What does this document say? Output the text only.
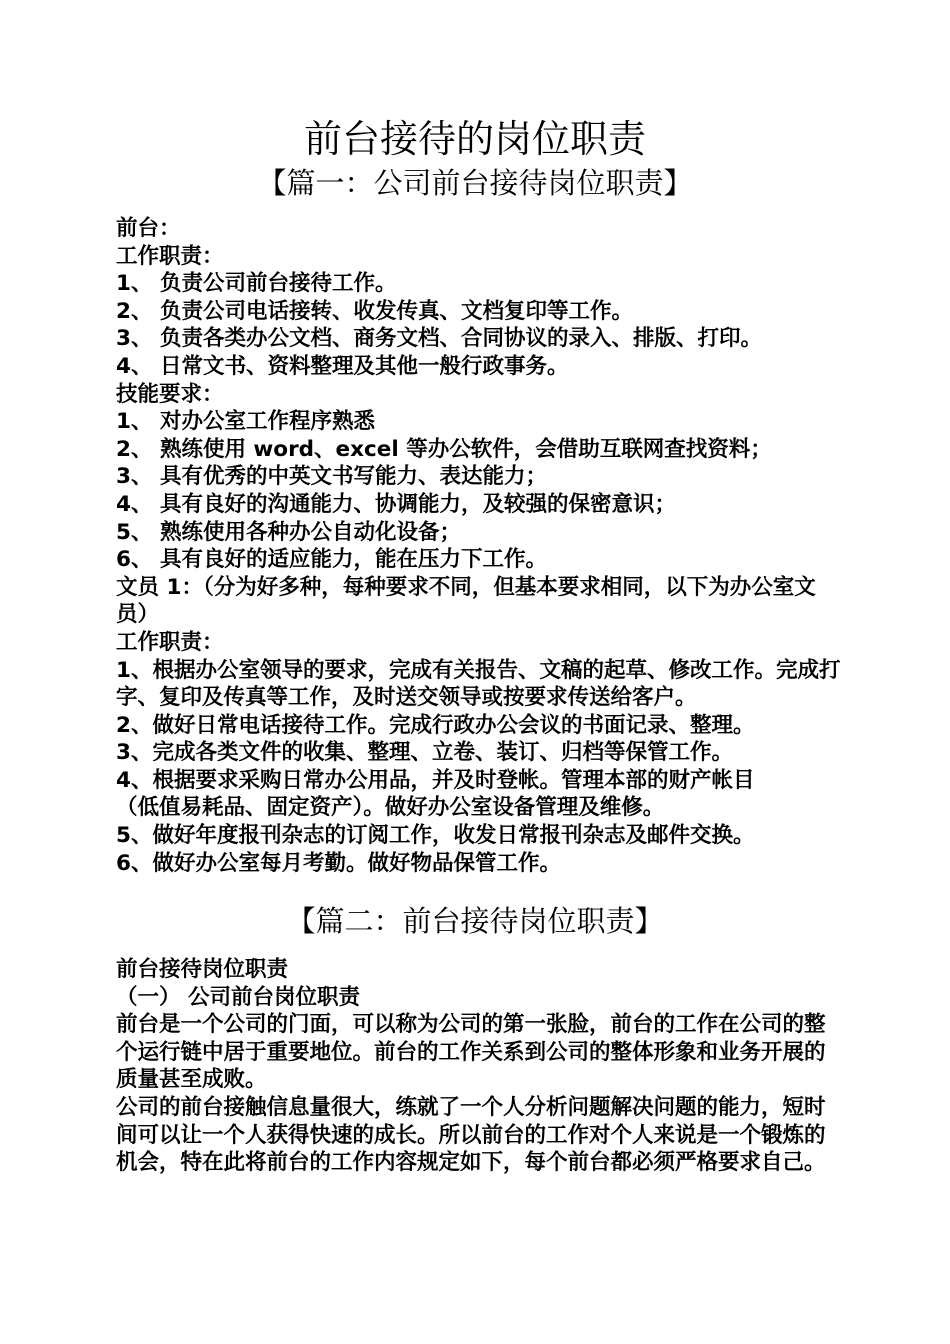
前台接待的岗位职责
【篇一：公司前台接待岗位职责】
前台：
工作职责：
1、 负责公司前台接待工作。
2、 负责公司电话接转、收发传真、文档复印等工作。
3、 负责各类办公文档、商务文档、合同协议的录入、排版、打印。
4、 日常文书、资料整理及其他一般行政事务。
技能要求：
1、 对办公室工作程序熟悉
2、 熟练使用 word、excel 等办公软件，会借助互联网查找资料；
3、 具有优秀的中英文书写能力、表达能力；
4、 具有良好的沟通能力、协调能力，及较强的保密意识；
5、 熟练使用各种办公自动化设备；
6、 具有良好的适应能力，能在压力下工作。
文员 1：（分为好多种，每种要求不同，但基本要求相同，以下为办公室文员）
工作职责：
1、根据办公室领导的要求，完成有关报告、文稿的起草、修改工作。完成打字、复印及传真等工作，及时送交领导或按要求传送给客户。
2、做好日常电话接待工作。完成行政办公会议的书面记录、整理。
3、完成各类文件的收集、整理、立卷、装订、归档等保管工作。
4、根据要求采购日常办公用品，并及时登帐。管理本部的财产帐目
（低值易耗品、固定资产）。做好办公室设备管理及维修。
5、做好年度报刊杂志的订阅工作，收发日常报刊杂志及邮件交换。
6、做好办公室每月考勤。做好物品保管工作。
【篇二：前台接待岗位职责】
前台接待岗位职责
（一） 公司前台岗位职责
前台是一个公司的门面，可以称为公司的第一张脸，前台的工作在公司的整个运行链中居于重要地位。前台的工作关系到公司的整体形象和业务开展的质量甚至成败。
公司的前台接触信息量很大，练就了一个人分析问题解决问题的能力，短时间可以让一个人获得快速的成长。所以前台的工作对个人来说是一个锻炼的机会，特在此将前台的工作内容规定如下，每个前台都必须严格要求自己。
